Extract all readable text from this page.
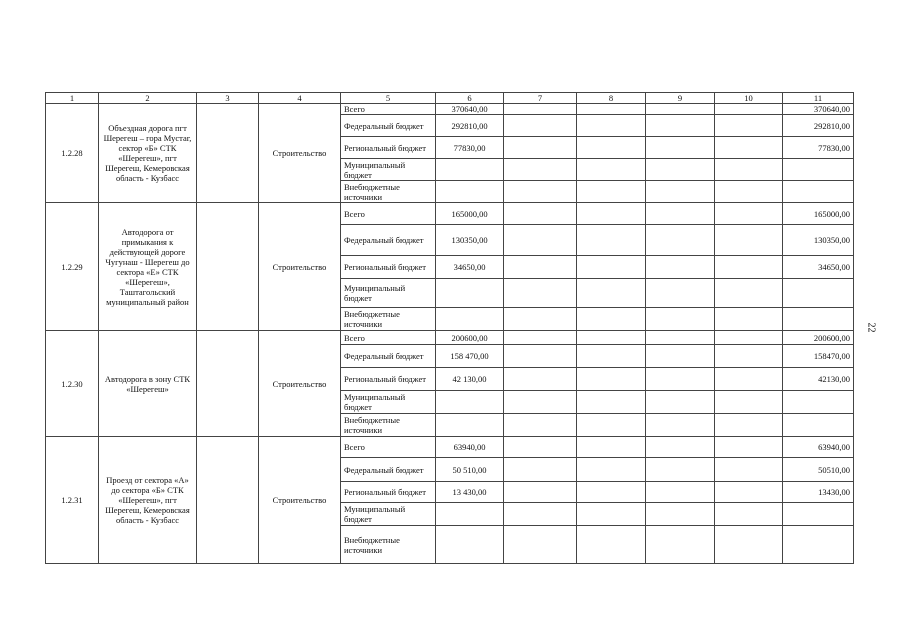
1	2	3	4	5	6	7	8	9	10	11
1.2.28	Объездная дорога пгт Шерегеш – гора Мустаг, сектор «Б» СТК «Шерегеш», пгт Шерегеш, Кемеровская область - Кузбасс		Строительство	Всего	370640,00					370640,00
				Федеральный бюджет	292810,00					292810,00
				Региональный бюджет	77830,00					77830,00
				Муниципальный бюджет						
				Внебюджетные источники						
1.2.29	Автодорога от примыкания к действующей дороге Чугунаш - Шерегеш до сектора «Е» СТК «Шерегеш», Таштагольский муниципальный район		Строительство	Всего	165000,00					165000,00
				Федеральный бюджет	130350,00					130350,00
				Региональный бюджет	34650,00					34650,00
				Муниципальный бюджет						
				Внебюджетные источники						
1.2.30	Автодорога в зону СТК «Шерегеш»		Строительство	Всего	200600,00					200600,00
				Федеральный бюджет	158 470,00					158470,00
				Региональный бюджет	42 130,00					42130,00
				Муниципальный бюджет						
				Внебюджетные источники						
1.2.31	Проезд от сектора «А» до сектора «Б» СТК «Шерегеш», пгт Шерегеш, Кемеровская область - Кузбасс		Строительство	Всего	63940,00					63940,00
				Федеральный бюджет	50 510,00					50510,00
				Региональный бюджет	13 430,00					13430,00
				Муниципальный бюджет						
				Внебюджетные источники						
22
